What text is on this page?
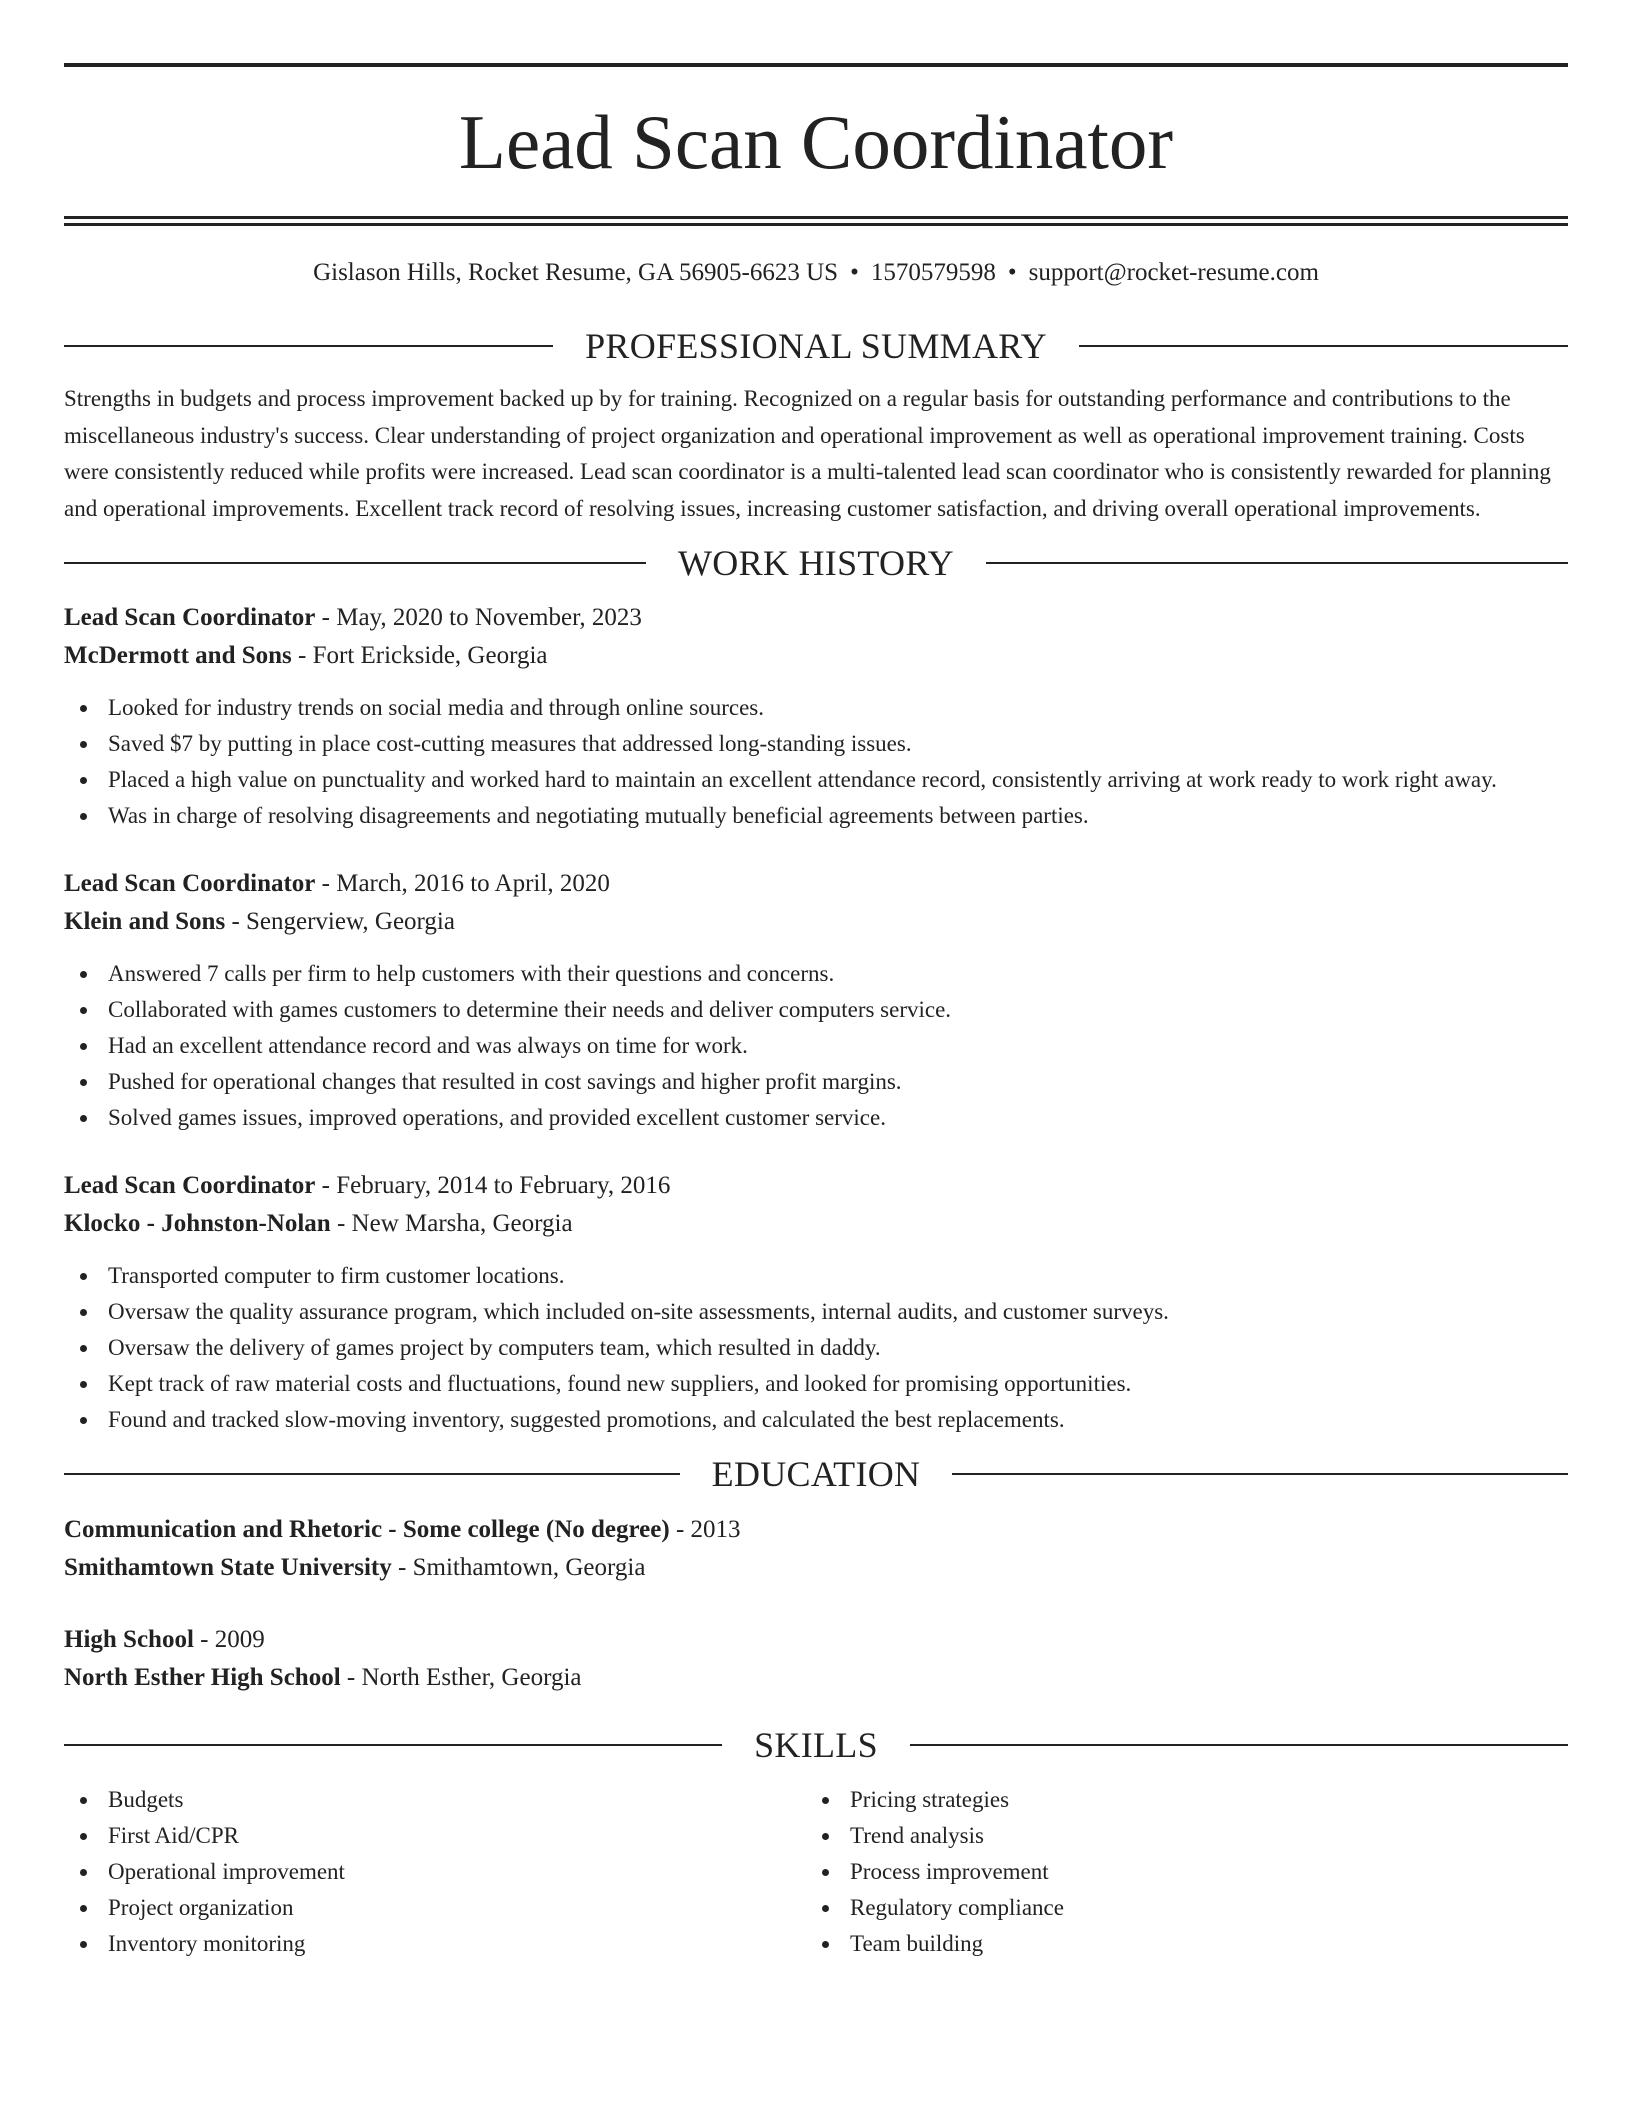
Lead Scan Coordinator
Gislason Hills, Rocket Resume, GA 56905-6623 US • 1570579598 • support@rocket-resume.com
PROFESSIONAL SUMMARY

Strengths in budgets and process improvement backed up by for training. Recognized on a regular basis for outstanding performance and contributions to the miscellaneous industry's success. Clear understanding of project organization and operational improvement as well as operational improvement training. Costs were consistently reduced while profits were increased. Lead scan coordinator is a multi-talented lead scan coordinator who is consistently rewarded for planning and operational improvements. Excellent track record of resolving issues, increasing customer satisfaction, and driving overall operational improvements.

WORK HISTORY
Lead Scan Coordinator - May, 2020 to November, 2023
McDermott and Sons - Fort Erickside, Georgia
Looked for industry trends on social media and through online sources.
Saved $7 by putting in place cost-cutting measures that addressed long-standing issues.
Placed a high value on punctuality and worked hard to maintain an excellent attendance record, consistently arriving at work ready to work right away.
Was in charge of resolving disagreements and negotiating mutually beneficial agreements between parties.
Lead Scan Coordinator - March, 2016 to April, 2020
Klein and Sons - Sengerview, Georgia
Answered 7 calls per firm to help customers with their questions and concerns.
Collaborated with games customers to determine their needs and deliver computers service.
Had an excellent attendance record and was always on time for work.
Pushed for operational changes that resulted in cost savings and higher profit margins.
Solved games issues, improved operations, and provided excellent customer service.
Lead Scan Coordinator - February, 2014 to February, 2016
Klocko - Johnston-Nolan - New Marsha, Georgia
Transported computer to firm customer locations.
Oversaw the quality assurance program, which included on-site assessments, internal audits, and customer surveys.
Oversaw the delivery of games project by computers team, which resulted in daddy.
Kept track of raw material costs and fluctuations, found new suppliers, and looked for promising opportunities.
Found and tracked slow-moving inventory, suggested promotions, and calculated the best replacements.
EDUCATION
Communication and Rhetoric - Some college (No degree) - 2013
Smithamtown State University - Smithamtown, Georgia
High School - 2009
North Esther High School - North Esther, Georgia
SKILLS
Budgets
First Aid/CPR
Operational improvement
Project organization
Inventory monitoring
Pricing strategies
Trend analysis
Process improvement
Regulatory compliance
Team building
